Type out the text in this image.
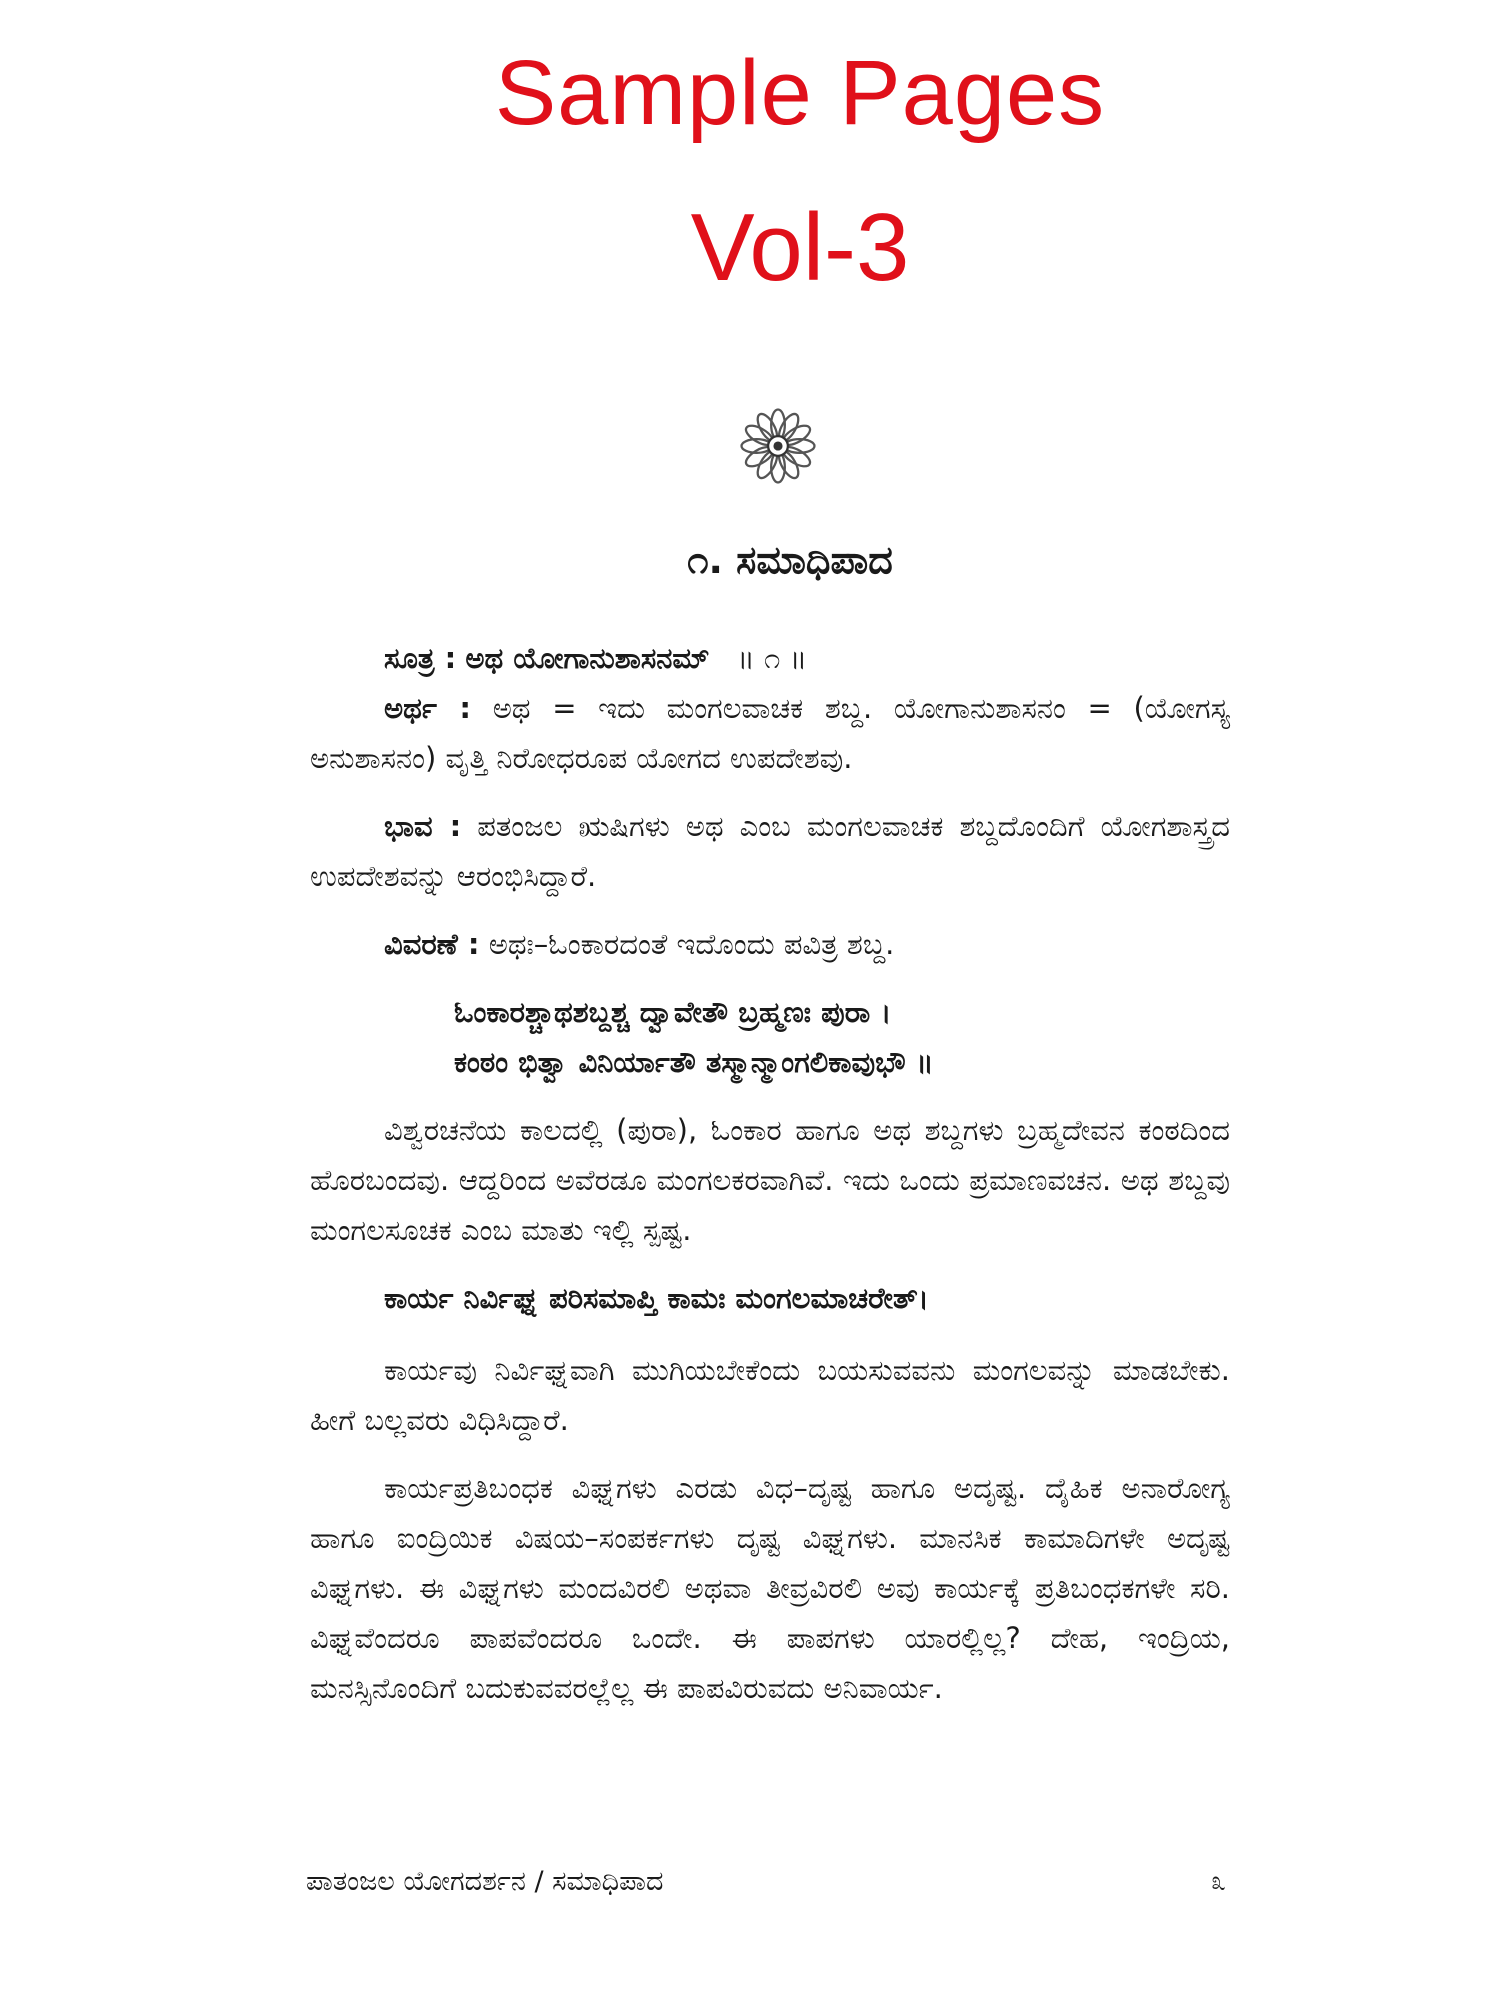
Sample Pages
Vol-3
೧. ಸಮಾಧಿಪಾದ

ಸೂತ್ರ : ಅಥ ಯೋಗಾನುಶಾಸನಮ್ ॥ ೧ ॥

ಅರ್ಥ : ಅಥ = ಇದು ಮಂಗಲವಾಚಕ ಶಬ್ದ. ಯೋಗಾನುಶಾಸನಂ = (ಯೋಗಸ್ಯ ಅನುಶಾಸನಂ) ವೃತ್ತಿ ನಿರೋಧರೂಪ ಯೋಗದ ಉಪದೇಶವು.

ಭಾವ : ಪತಂಜಲ ಋಷಿಗಳು ಅಥ ಎಂಬ ಮಂಗಲವಾಚಕ ಶಬ್ದದೊಂದಿಗೆ ಯೋಗಶಾಸ್ತ್ರದ ಉಪದೇಶವನ್ನು ಆರಂಭಿಸಿದ್ದಾರೆ.

ವಿವರಣೆ : ಅಥಃ–ಓಂಕಾರದಂತೆ ಇದೊಂದು ಪವಿತ್ರ ಶಬ್ದ.

ಓಂಕಾರಶ್ಚಾಥಶಬ್ದಶ್ಚ ದ್ವಾವೇತೌ ಬ್ರಹ್ಮಣಃ ಪುರಾ ।
ಕಂಠಂ ಭಿತ್ವಾ ವಿನಿರ್ಯಾತೌ ತಸ್ಮಾನ್ಮಾಂಗಲಿಕಾವುಭೌ ॥

ವಿಶ್ವರಚನೆಯ ಕಾಲದಲ್ಲಿ (ಪುರಾ), ಓಂಕಾರ ಹಾಗೂ ಅಥ ಶಬ್ದಗಳು ಬ್ರಹ್ಮದೇವನ ಕಂಠದಿಂದ ಹೊರಬಂದವು. ಆದ್ದರಿಂದ ಅವೆರಡೂ ಮಂಗಲಕರವಾಗಿವೆ. ಇದು ಒಂದು ಪ್ರಮಾಣವಚನ. ಅಥ ಶಬ್ದವು ಮಂಗಲಸೂಚಕ ಎಂಬ ಮಾತು ಇಲ್ಲಿ ಸ್ಪಷ್ಟ.

ಕಾರ್ಯ ನಿರ್ವಿಘ್ನ ಪರಿಸಮಾಪ್ತಿ ಕಾಮಃ ಮಂಗಲಮಾಚರೇತ್।

ಕಾರ್ಯವು ನಿರ್ವಿಘ್ನವಾಗಿ ಮುಗಿಯಬೇಕೆಂದು ಬಯಸುವವನು ಮಂಗಲವನ್ನು ಮಾಡಬೇಕು. ಹೀಗೆ ಬಲ್ಲವರು ವಿಧಿಸಿದ್ದಾರೆ.

ಕಾರ್ಯಪ್ರತಿಬಂಧಕ ವಿಘ್ನಗಳು ಎರಡು ವಿಧ–ದೃಷ್ಟ ಹಾಗೂ ಅದೃಷ್ಟ. ದೈಹಿಕ ಅನಾರೋಗ್ಯ ಹಾಗೂ ಐಂದ್ರಿಯಿಕ ವಿಷಯ–ಸಂಪರ್ಕಗಳು ದೃಷ್ಟ ವಿಘ್ನಗಳು. ಮಾನಸಿಕ ಕಾಮಾದಿಗಳೇ ಅದೃಷ್ಟ ವಿಘ್ನಗಳು. ಈ ವಿಘ್ನಗಳು ಮಂದವಿರಲಿ ಅಥವಾ ತೀವ್ರವಿರಲಿ ಅವು ಕಾರ್ಯಕ್ಕೆ ಪ್ರತಿಬಂಧಕಗಳೇ ಸರಿ. ವಿಘ್ನವೆಂದರೂ ಪಾಪವೆಂದರೂ ಒಂದೇ. ಈ ಪಾಪಗಳು ಯಾರಲ್ಲಿಲ್ಲ? ದೇಹ, ಇಂದ್ರಿಯ, ಮನಸ್ಸಿನೊಂದಿಗೆ ಬದುಕುವವರಲ್ಲೆಲ್ಲ ಈ ಪಾಪವಿರುವದು ಅನಿವಾರ್ಯ.

ಪಾತಂಜಲ ಯೋಗದರ್ಶನ / ಸಮಾಧಿಪಾದ	೩
